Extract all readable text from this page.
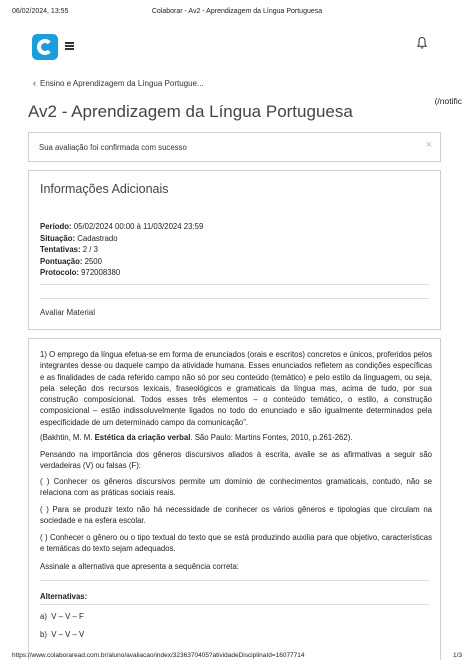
06/02/2024, 13:55	Colaborar - Av2 - Aprendizagem da Língua Portuguesa
(/notific
‹ Ensino e Aprendizagem da Língua Portugue...
Av2 - Aprendizagem da Língua Portuguesa
Sua avaliação foi confirmada com sucesso	×
Informações Adicionais
Período: 05/02/2024 00:00 à 11/03/2024 23:59
Situação: Cadastrado
Tentativas: 2 / 3
Pontuação: 2500
Protocolo: 972008380
Avaliar Material

1) O emprego da língua efetua-se em forma de enunciados (orais e escritos) concretos e únicos, proferidos pelos integrantes desse ou daquele campo da atividade humana. Esses enunciados refletem as condições específicas e as finalidades de cada referido campo não só por seu conteúdo (temático) e pelo estilo da linguagem, ou seja, pela seleção dos recursos lexicais, fraseológicos e gramaticais da língua mas, acima de tudo, por sua construção composicional. Todos esses três elementos – o conteúdo temático, o estilo, a construção composicional – estão indissoluvelmente ligados no todo do enunciado e são igualmente determinados pela especificidade de um determinado campo da comunicação”.

(Bakhtin, M. M. Estética da criação verbal. São Paulo: Martins Fontes, 2010, p.261-262).

Pensando na importância dos gêneros discursivos aliados à escrita, avalie se as afirmativas a seguir são verdadeiras (V) ou falsas (F):

( ) Conhecer os gêneros discursivos permite um domínio de conhecimentos gramaticais, contudo, não se relaciona com as práticas sociais reais.

( ) Para se produzir texto não há necessidade de conhecer os vários gêneros e tipologias que circulam na sociedade e na esfera escolar.

( ) Conhecer o gênero ou o tipo textual do texto que se está produzindo auxilia para que objetivo, características e temáticas do texto sejam adequados.

Assinale a alternativa que apresenta a sequência correta:

Alternativas:

a) V – V – F

b) V – V – V

https://www.colaboraread.com.br/aluno/avaliacao/index/3236370405?atividadeDisciplinaId=16077714	1/3
